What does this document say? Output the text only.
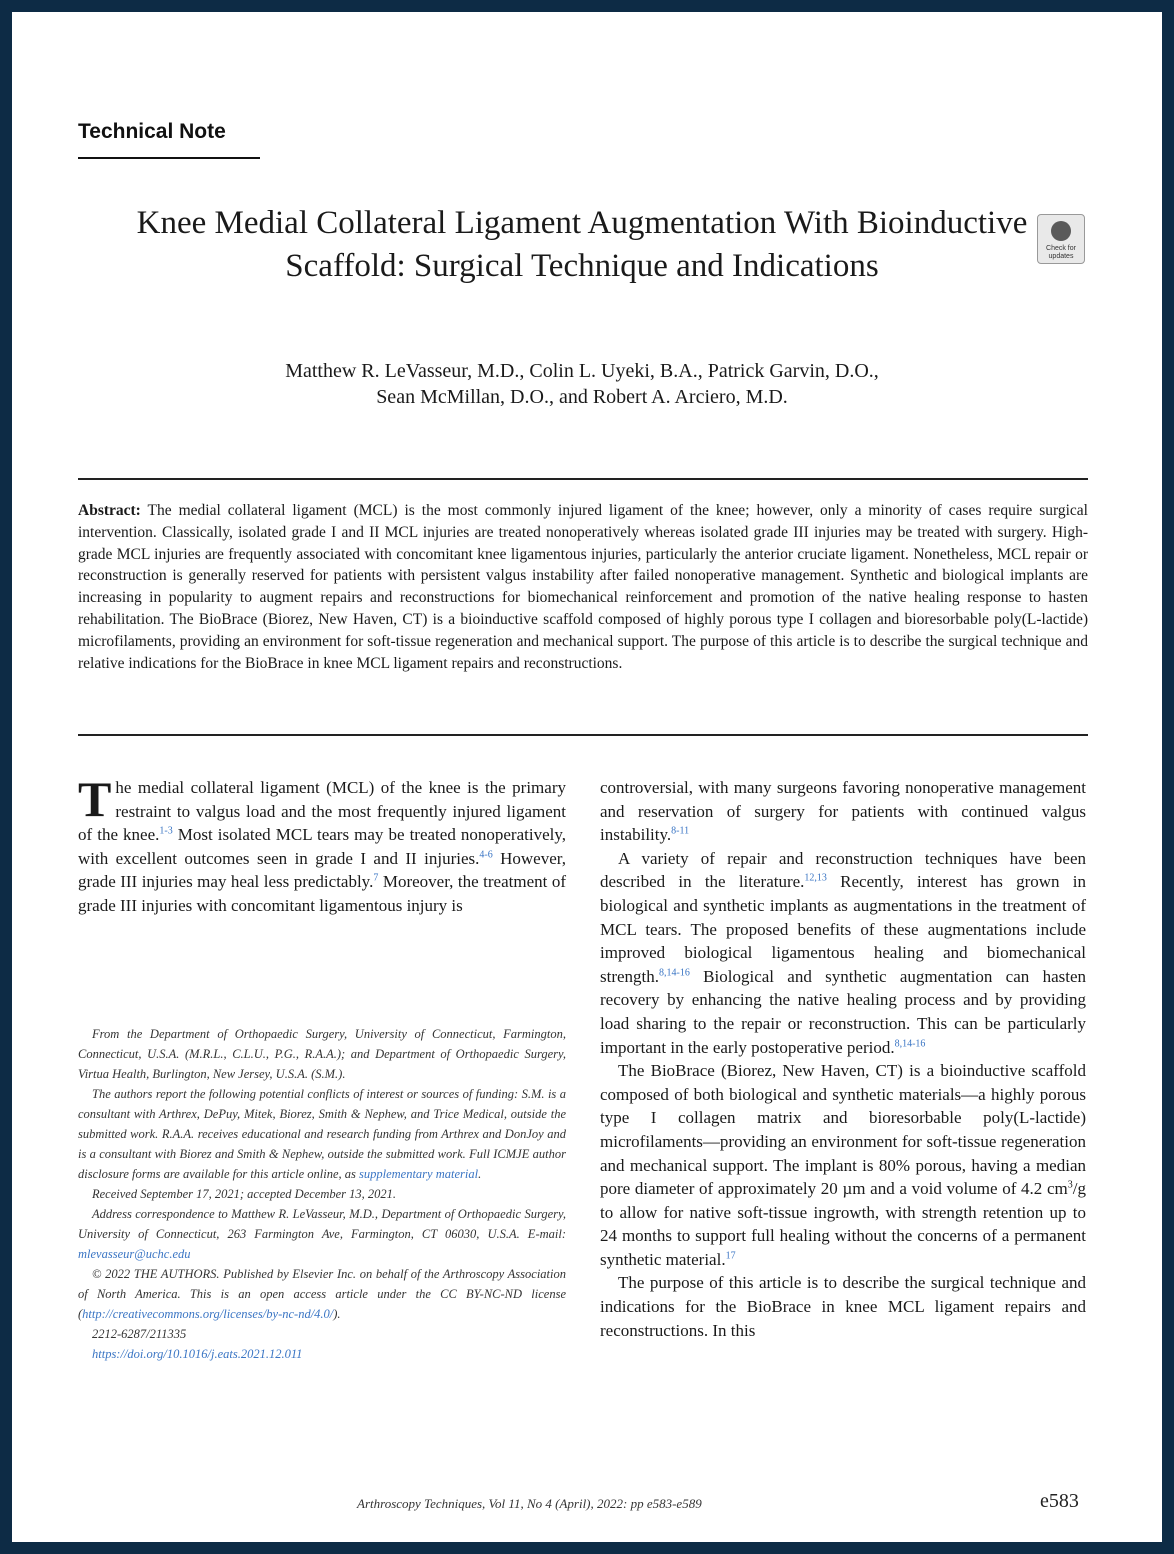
Technical Note
Knee Medial Collateral Ligament Augmentation With Bioinductive Scaffold: Surgical Technique and Indications	Check for updates
Matthew R. LeVasseur, M.D., Colin L. Uyeki, B.A., Patrick Garvin, D.O.,
Sean McMillan, D.O., and Robert A. Arciero, M.D.
Abstract: The medial collateral ligament (MCL) is the most commonly injured ligament of the knee; however, only a minority of cases require surgical intervention. Classically, isolated grade I and II MCL injuries are treated nonoperatively whereas isolated grade III injuries may be treated with surgery. High-grade MCL injuries are frequently associated with concomitant knee ligamentous injuries, particularly the anterior cruciate ligament. Nonetheless, MCL repair or reconstruction is generally reserved for patients with persistent valgus instability after failed nonoperative management. Synthetic and biological implants are increasing in popularity to augment repairs and reconstructions for biomechanical reinforcement and promotion of the native healing response to hasten rehabilitation. The BioBrace (Biorez, New Haven, CT) is a bioinductive scaffold composed of highly porous type I collagen and bioresorbable poly(L-lactide) microfilaments, providing an environment for soft-tissue regeneration and mechanical support. The purpose of this article is to describe the surgical technique and relative indications for the BioBrace in knee MCL ligament repairs and reconstructions.

The medial collateral ligament (MCL) of the knee is the primary restraint to valgus load and the most frequently injured ligament of the knee.$^{1-3}$ Most isolated MCL tears may be treated nonoperatively, with excellent outcomes seen in grade I and II injuries.$^{4-6}$ However, grade III injuries may heal less predictably.$^7$ Moreover, the treatment of grade III injuries with concomitant ligamentous injury is

From the Department of Orthopaedic Surgery, University of Connecticut, Farmington, Connecticut, U.S.A. (M.R.L., C.L.U., P.G., R.A.A.); and Department of Orthopaedic Surgery, Virtua Health, Burlington, New Jersey, U.S.A. (S.M.).

The authors report the following potential conflicts of interest or sources of funding: S.M. is a consultant with Arthrex, DePuy, Mitek, Biorez, Smith & Nephew, and Trice Medical, outside the submitted work. R.A.A. receives educational and research funding from Arthrex and DonJoy and is a consultant with Biorez and Smith & Nephew, outside the submitted work. Full ICMJE author disclosure forms are available for this article online, as supplementary material.

Received September 17, 2021; accepted December 13, 2021.

Address correspondence to Matthew R. LeVasseur, M.D., Department of Orthopaedic Surgery, University of Connecticut, 263 Farmington Ave, Farmington, CT 06030, U.S.A. E-mail: mlevasseur@uchc.edu

© 2022 THE AUTHORS. Published by Elsevier Inc. on behalf of the Arthroscopy Association of North America. This is an open access article under the CC BY-NC-ND license (http://creativecommons.org/licenses/by-nc-nd/4.0/).

2212-6287/211335

https://doi.org/10.1016/j.eats.2021.12.011

controversial, with many surgeons favoring nonoperative management and reservation of surgery for patients with continued valgus instability.$^{8-11}$

A variety of repair and reconstruction techniques have been described in the literature.$^{12,13}$ Recently, interest has grown in biological and synthetic implants as augmentations in the treatment of MCL tears. The proposed benefits of these augmentations include improved biological ligamentous healing and biomechanical strength.$^{8,14-16}$ Biological and synthetic augmentation can hasten recovery by enhancing the native healing process and by providing load sharing to the repair or reconstruction. This can be particularly important in the early postoperative period.$^{8,14-16}$

The BioBrace (Biorez, New Haven, CT) is a bioinductive scaffold composed of both biological and synthetic materials—a highly porous type I collagen matrix and bioresorbable poly(L-lactide) microfilaments—providing an environment for soft-tissue regeneration and mechanical support. The implant is 80% porous, having a median pore diameter of approximately 20 µm and a void volume of 4.2 $cm^3/g$ to allow for native soft-tissue ingrowth, with strength retention up to 24 months to support full healing without the concerns of a permanent synthetic material.$^{17}$

The purpose of this article is to describe the surgical technique and indications for the BioBrace in knee MCL ligament repairs and reconstructions. In this

Arthroscopy Techniques, Vol 11, No 4 (April), 2022: pp e583-e589	e583
